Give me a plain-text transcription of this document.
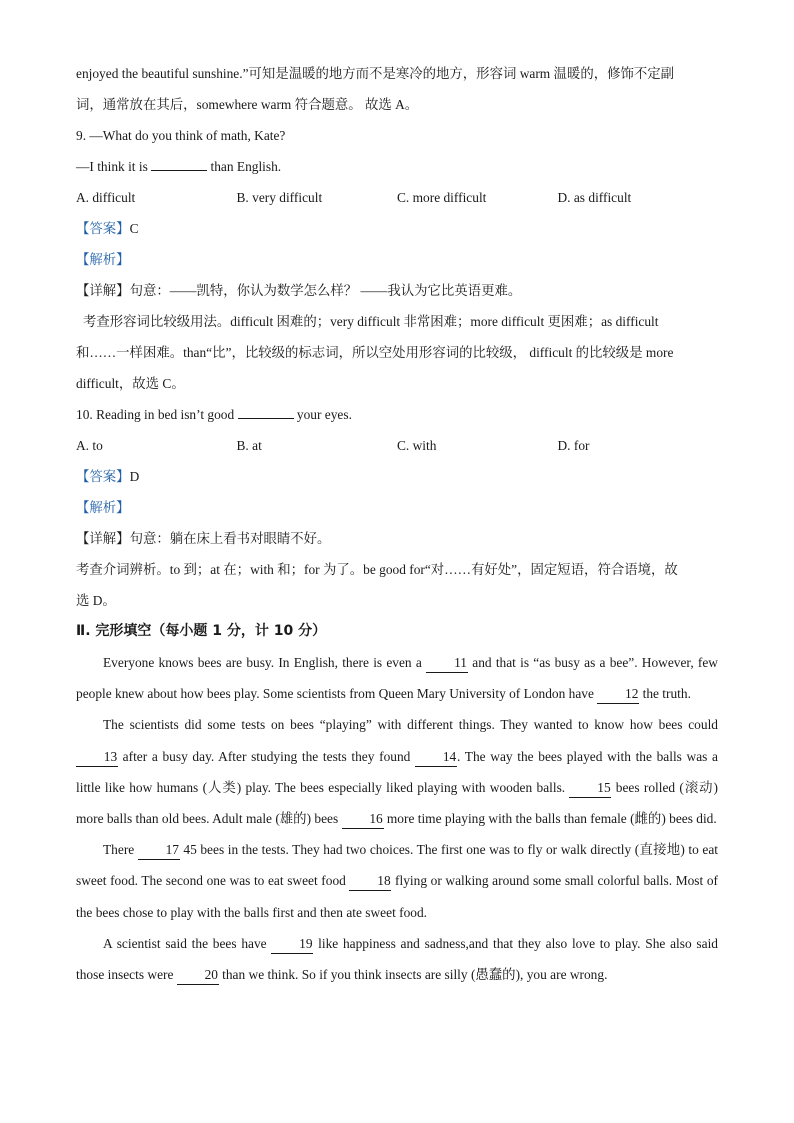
enjoyed the beautiful sunshine.”可知是温暖的地方而不是寒冷的地方，形容词 warm 温暖的，修饰不定副
词，通常放在其后，somewhere warm 符合题意。 故选 A。
9. —What do you think of math, Kate?
—I think it is	than English.
A. difficult	B. very difficult	C. more difficult	D. as difficult
【答案】C
【解析】
【详解】句意：——凯特，你认为数学怎么样？ ——我认为它比英语更难。
考查形容词比较级用法。difficult 困难的；very difficult 非常困难；more difficult 更困难；as difficult
和……一样困难。than“比”，比较级的标志词，所以空处用形容词的比较级， difficult 的比较级是 more
difficult，故选 C。
10. Reading in bed isn’t good	your eyes.
A. to	B. at	C. with	D. for
【答案】D
【解析】
【详解】句意：躺在床上看书对眼睛不好。
考查介词辨析。to 到；at 在；with 和；for 为了。be good for“对……有好处”，固定短语，符合语境，故
选 D。
Ⅱ. 完形填空（每小题 1 分，计 10 分）

Everyone knows bees are busy. In English, there is even a 11 and that is “as busy as a bee”. However, few people knew about how bees play. Some scientists from Queen Mary University of London have 12 the truth.

The scientists did some tests on bees “playing” with different things. They wanted to know how bees could 13 after a busy day. After studying the tests they found 14. The way the bees played with the balls was a little like how humans (人类) play. The bees especially liked playing with wooden balls. 15 bees rolled (滚动) more balls than old bees. Adult male (雄的) bees 16 more time playing with the balls than female (雌的) bees did.

There 17 45 bees in the tests. They had two choices. The first one was to fly or walk directly (直接地) to eat sweet food. The second one was to eat sweet food 18 flying or walking around some small colorful balls. Most of the bees chose to play with the balls first and then ate sweet food.

A scientist said the bees have 19 like happiness and sadness,and that they also love to play. She also said those insects were 20 than we think. So if you think insects are silly (愚蠢的), you are wrong.
